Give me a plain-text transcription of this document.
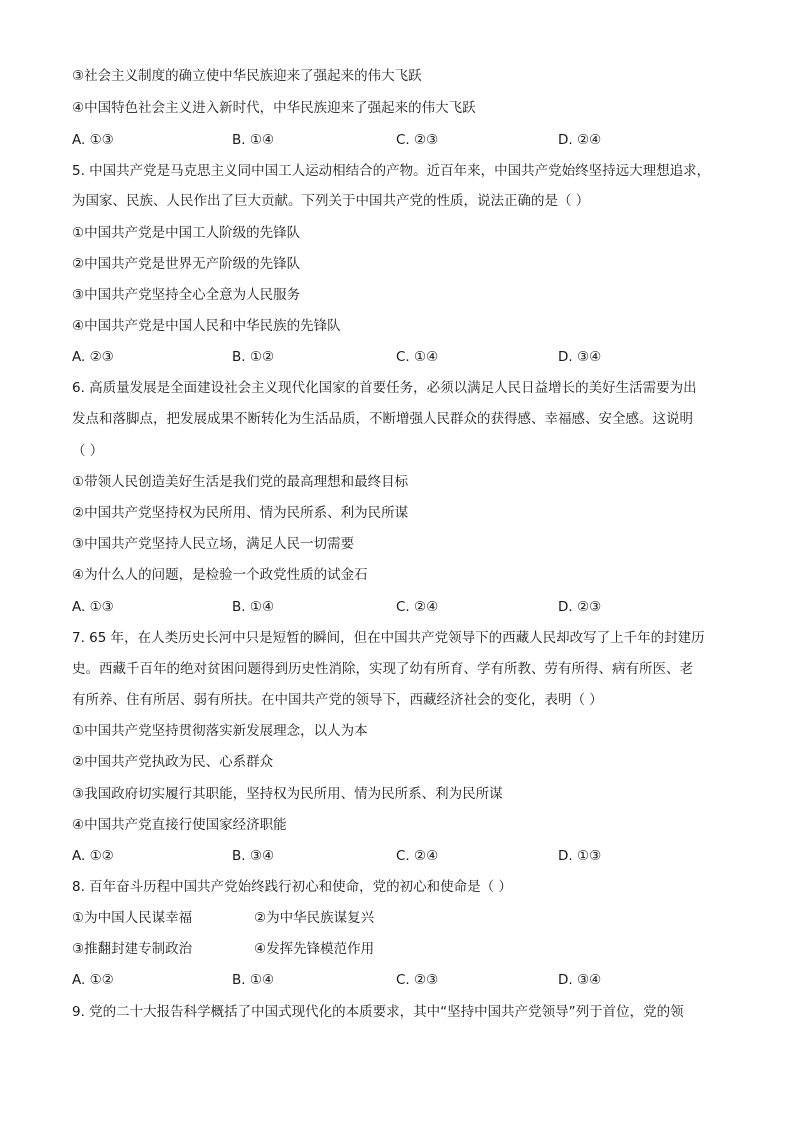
③社会主义制度的确立使中华民族迎来了强起来的伟大飞跃
④中国特色社会主义进入新时代，中华民族迎来了强起来的伟大飞跃
A. ①③	B. ①④	C. ②③	D. ②④
5. 中国共产党是马克思主义同中国工人运动相结合的产物。近百年来，中国共产党始终坚持远大理想追求，
为国家、民族、人民作出了巨大贡献。下列关于中国共产党的性质，说法正确的是（ ）
①中国共产党是中国工人阶级的先锋队
②中国共产党是世界无产阶级的先锋队
③中国共产党坚持全心全意为人民服务
④中国共产党是中国人民和中华民族的先锋队
A. ②③	B. ①②	C. ①④	D. ③④
6. 高质量发展是全面建设社会主义现代化国家的首要任务，必须以满足人民日益增长的美好生活需要为出
发点和落脚点，把发展成果不断转化为生活品质，不断增强人民群众的获得感、幸福感、安全感。这说明
（ ）
①带领人民创造美好生活是我们党的最高理想和最终目标
②中国共产党坚持权为民所用、情为民所系、利为民所谋
③中国共产党坚持人民立场，满足人民一切需要
④为什么人的问题，是检验一个政党性质的试金石
A. ①③	B. ①④	C. ②④	D. ②③
7. 65 年，在人类历史长河中只是短暂的瞬间，但在中国共产党领导下的西藏人民却改写了上千年的封建历
史。西藏千百年的绝对贫困问题得到历史性消除，实现了幼有所育、学有所教、劳有所得、病有所医、老
有所养、住有所居、弱有所扶。在中国共产党的领导下，西藏经济社会的变化，表明（ ）
①中国共产党坚持贯彻落实新发展理念，以人为本
②中国共产党执政为民、心系群众
③我国政府切实履行其职能，坚持权为民所用、情为民所系、利为民所谋
④中国共产党直接行使国家经济职能
A. ①②	B. ③④	C. ②④	D. ①③
8. 百年奋斗历程中国共产党始终践行初心和使命，党的初心和使命是（ ）
①为中国人民谋幸福	②为中华民族谋复兴
③推翻封建专制政治	④发挥先锋模范作用
A. ①②	B. ①④	C. ②③	D. ③④
9. 党的二十大报告科学概括了中国式现代化的本质要求，其中“坚持中国共产党领导”列于首位，党的领
